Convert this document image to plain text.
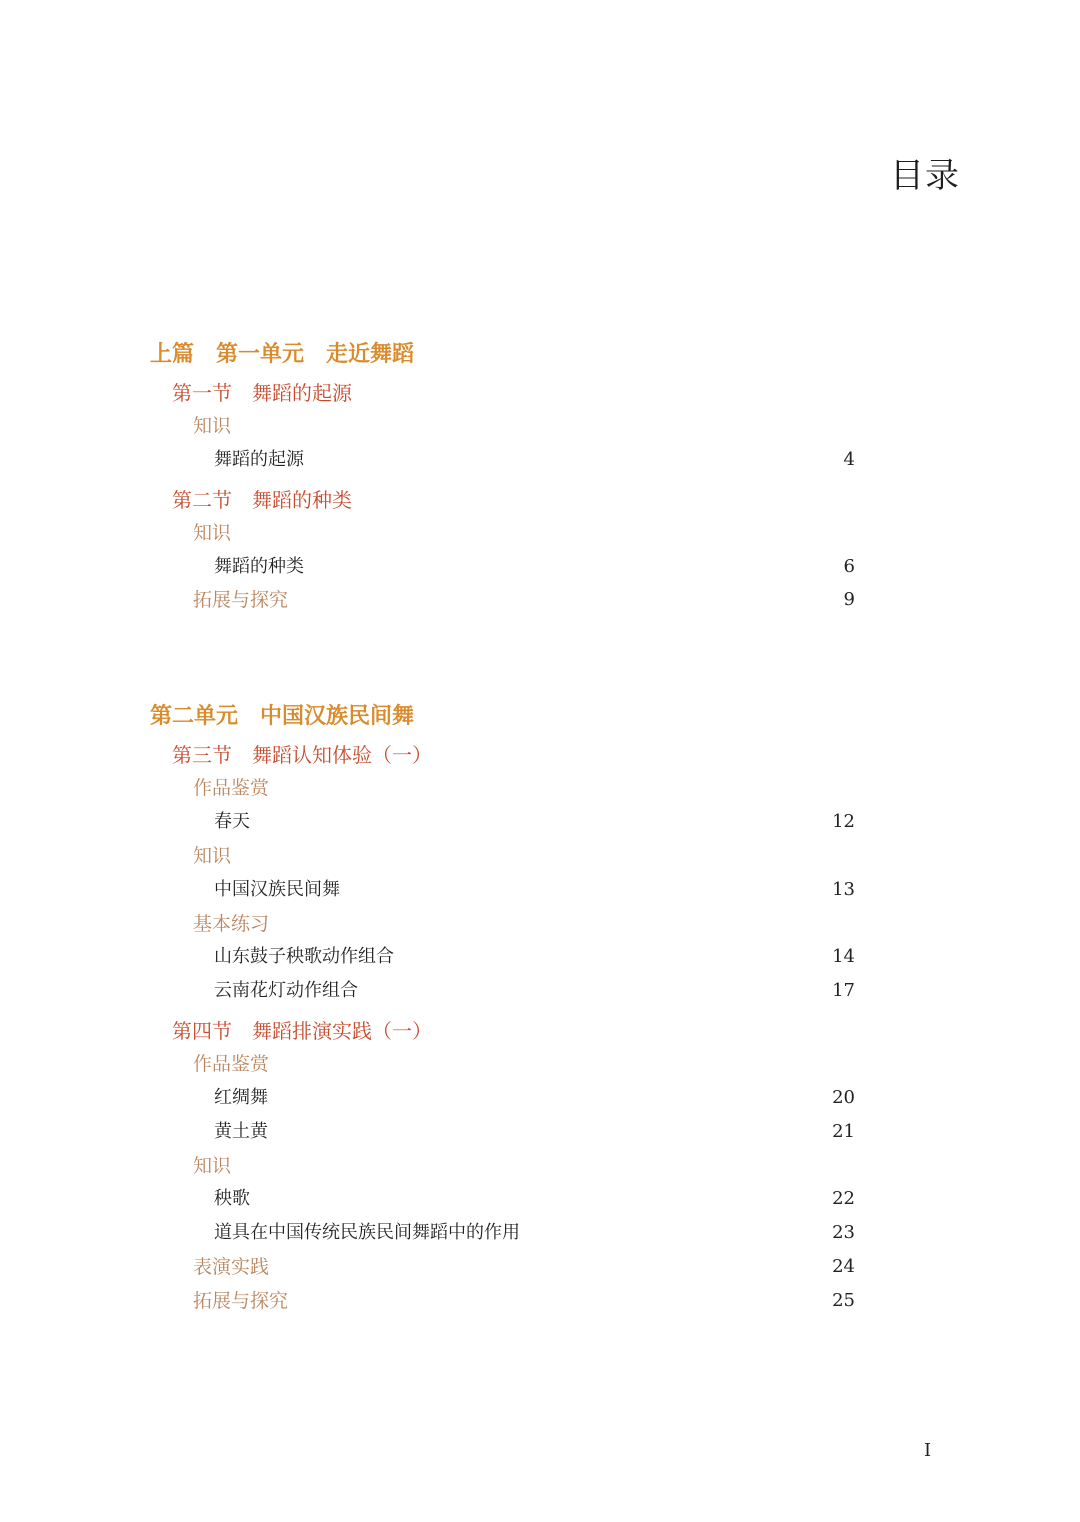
目录
上篇　第一单元　走近舞蹈
第一节　舞蹈的起源
知识
舞蹈的起源	4
第二节　舞蹈的种类
知识
舞蹈的种类	6
拓展与探究	9
第二单元　中国汉族民间舞
第三节　舞蹈认知体验（一）
作品鉴赏
春天	12
知识
中国汉族民间舞	13
基本练习
山东鼓子秧歌动作组合	14
云南花灯动作组合	17
第四节　舞蹈排演实践（一）
作品鉴赏
红绸舞	20
黄土黄	21
知识
秧歌	22
道具在中国传统民族民间舞蹈中的作用	23
表演实践	24
拓展与探究	25
I
